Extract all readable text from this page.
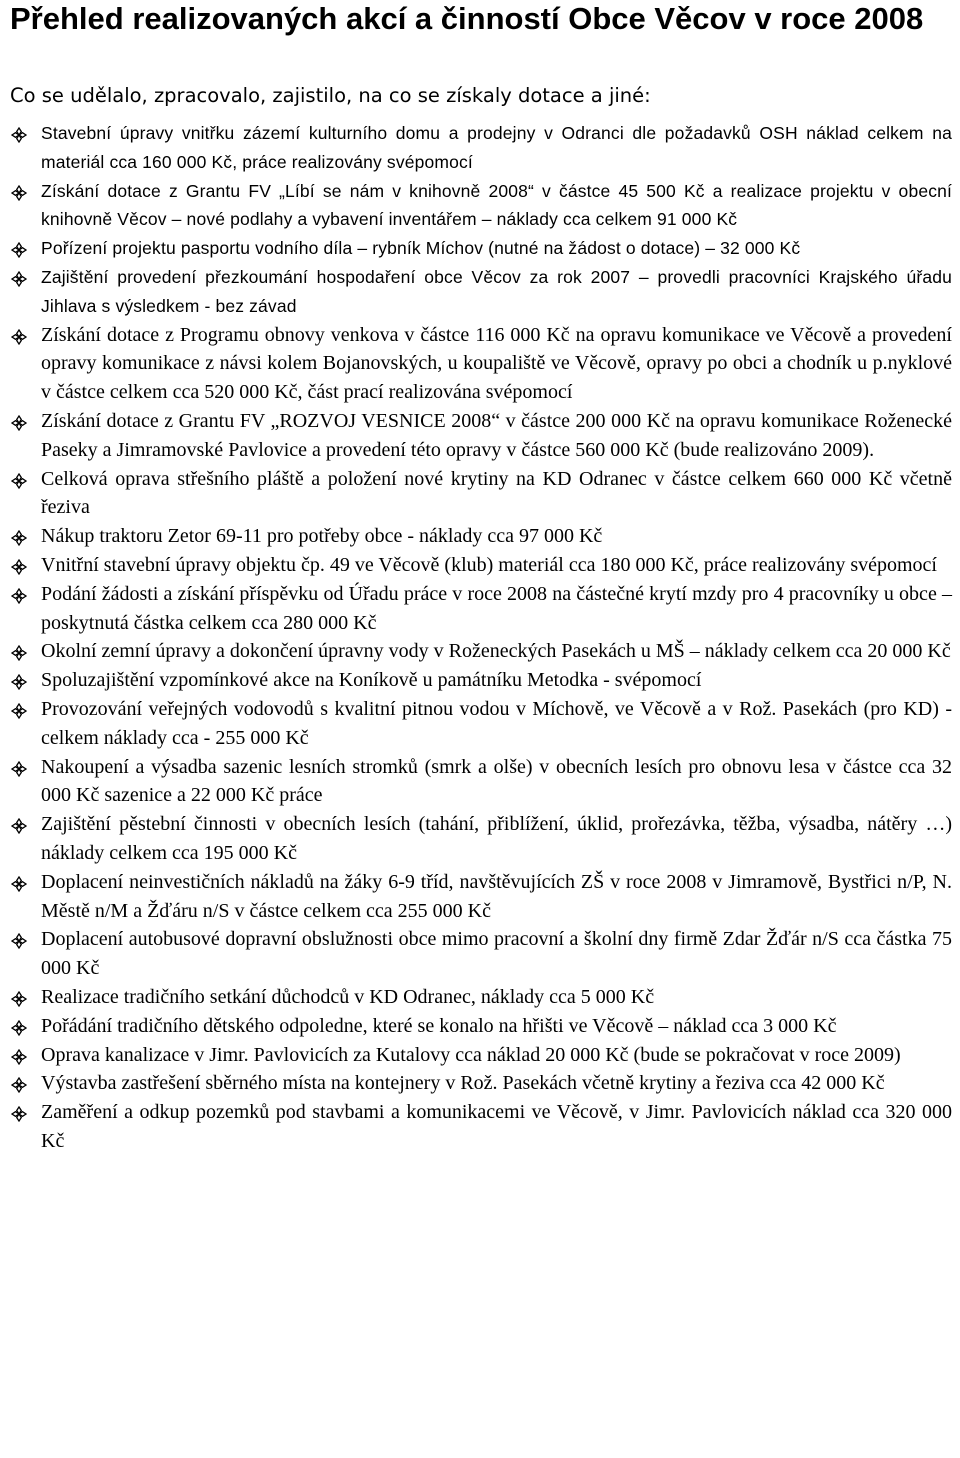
Přehled realizovaných akcí a činností Obce Věcov v roce 2008
Co se udělalo, zpracovalo, zajistilo, na co se získaly dotace a jiné:
Stavební úpravy vnitřku zázemí kulturního domu a prodejny v Odranci dle požadavků OSH náklad celkem na materiál cca 160 000 Kč, práce realizovány svépomocí
Získání dotace z Grantu FV „Líbí se nám v knihovně 2008“ v částce 45 500 Kč a realizace projektu v obecní knihovně Věcov – nové podlahy a vybavení inventářem – náklady cca celkem 91 000 Kč
Pořízení projektu pasportu vodního díla – rybník Míchov (nutné na žádost o dotace) – 32 000 Kč
Zajištění provedení přezkoumání hospodaření obce Věcov za rok 2007 – provedli pracovníci Krajského úřadu Jihlava s výsledkem - bez závad
Získání dotace z Programu obnovy venkova v částce 116 000 Kč na opravu komunikace ve Věcově a provedení opravy komunikace z návsi kolem Bojanovských, u koupaliště ve Věcově, opravy po obci a chodník u p.nyklové v částce celkem cca 520 000 Kč, část prací realizována svépomocí
Získání dotace z Grantu FV „ROZVOJ VESNICE 2008“ v částce 200 000 Kč na opravu komunikace Roženecké Paseky a Jimramovské Pavlovice a provedení této opravy v částce 560 000 Kč (bude realizováno 2009).
Celková oprava střešního pláště a položení nové krytiny na KD Odranec v částce celkem 660 000 Kč včetně řeziva
Nákup traktoru Zetor 69-11 pro potřeby obce - náklady cca 97 000 Kč
Vnitřní stavební úpravy objektu čp. 49 ve Věcově (klub) materiál cca 180 000 Kč, práce realizovány svépomocí
Podání žádosti a získání příspěvku od Úřadu práce v roce 2008 na částečné krytí mzdy pro 4 pracovníky u obce – poskytnutá částka celkem cca 280 000 Kč
Okolní zemní úpravy a dokončení úpravny vody v Roženeckých Pasekách u MŠ – náklady celkem cca 20 000 Kč
Spoluzajištění vzpomínkové akce na Koníkově u památníku Metodka - svépomocí
Provozování veřejných vodovodů s kvalitní pitnou vodou v Míchově, ve Věcově a v Rož. Pasekách (pro KD) - celkem náklady cca - 255 000 Kč
Nakoupení a výsadba sazenic lesních stromků (smrk a olše) v obecních lesích pro obnovu lesa v částce cca 32 000 Kč sazenice a 22 000 Kč práce
Zajištění pěstební činnosti v obecních lesích (tahání, přiblížení, úklid, prořezávka, těžba, výsadba, nátěry …) náklady celkem cca 195 000 Kč
Doplacení neinvestičních nákladů na žáky 6-9 tříd, navštěvujících ZŠ v roce 2008 v Jimramově, Bystřici n/P, N. Městě n/M a Žďáru n/S v částce celkem cca 255 000 Kč
Doplacení autobusové dopravní obslužnosti obce mimo pracovní a školní dny firmě Zdar Žďár n/S cca částka 75 000 Kč
Realizace tradičního setkání důchodců v KD Odranec, náklady cca 5 000 Kč
Pořádání tradičního dětského odpoledne, které se konalo na hřišti ve Věcově – náklad cca 3 000 Kč
Oprava kanalizace v Jimr. Pavlovicích za Kutalovy cca náklad 20 000 Kč (bude se pokračovat v roce 2009)
Výstavba zastřešení sběrného místa na kontejnery v Rož. Pasekách včetně krytiny a řeziva cca 42 000 Kč
Zaměření a odkup pozemků pod stavbami a komunikacemi ve Věcově, v Jimr. Pavlovicích náklad cca 320 000 Kč
